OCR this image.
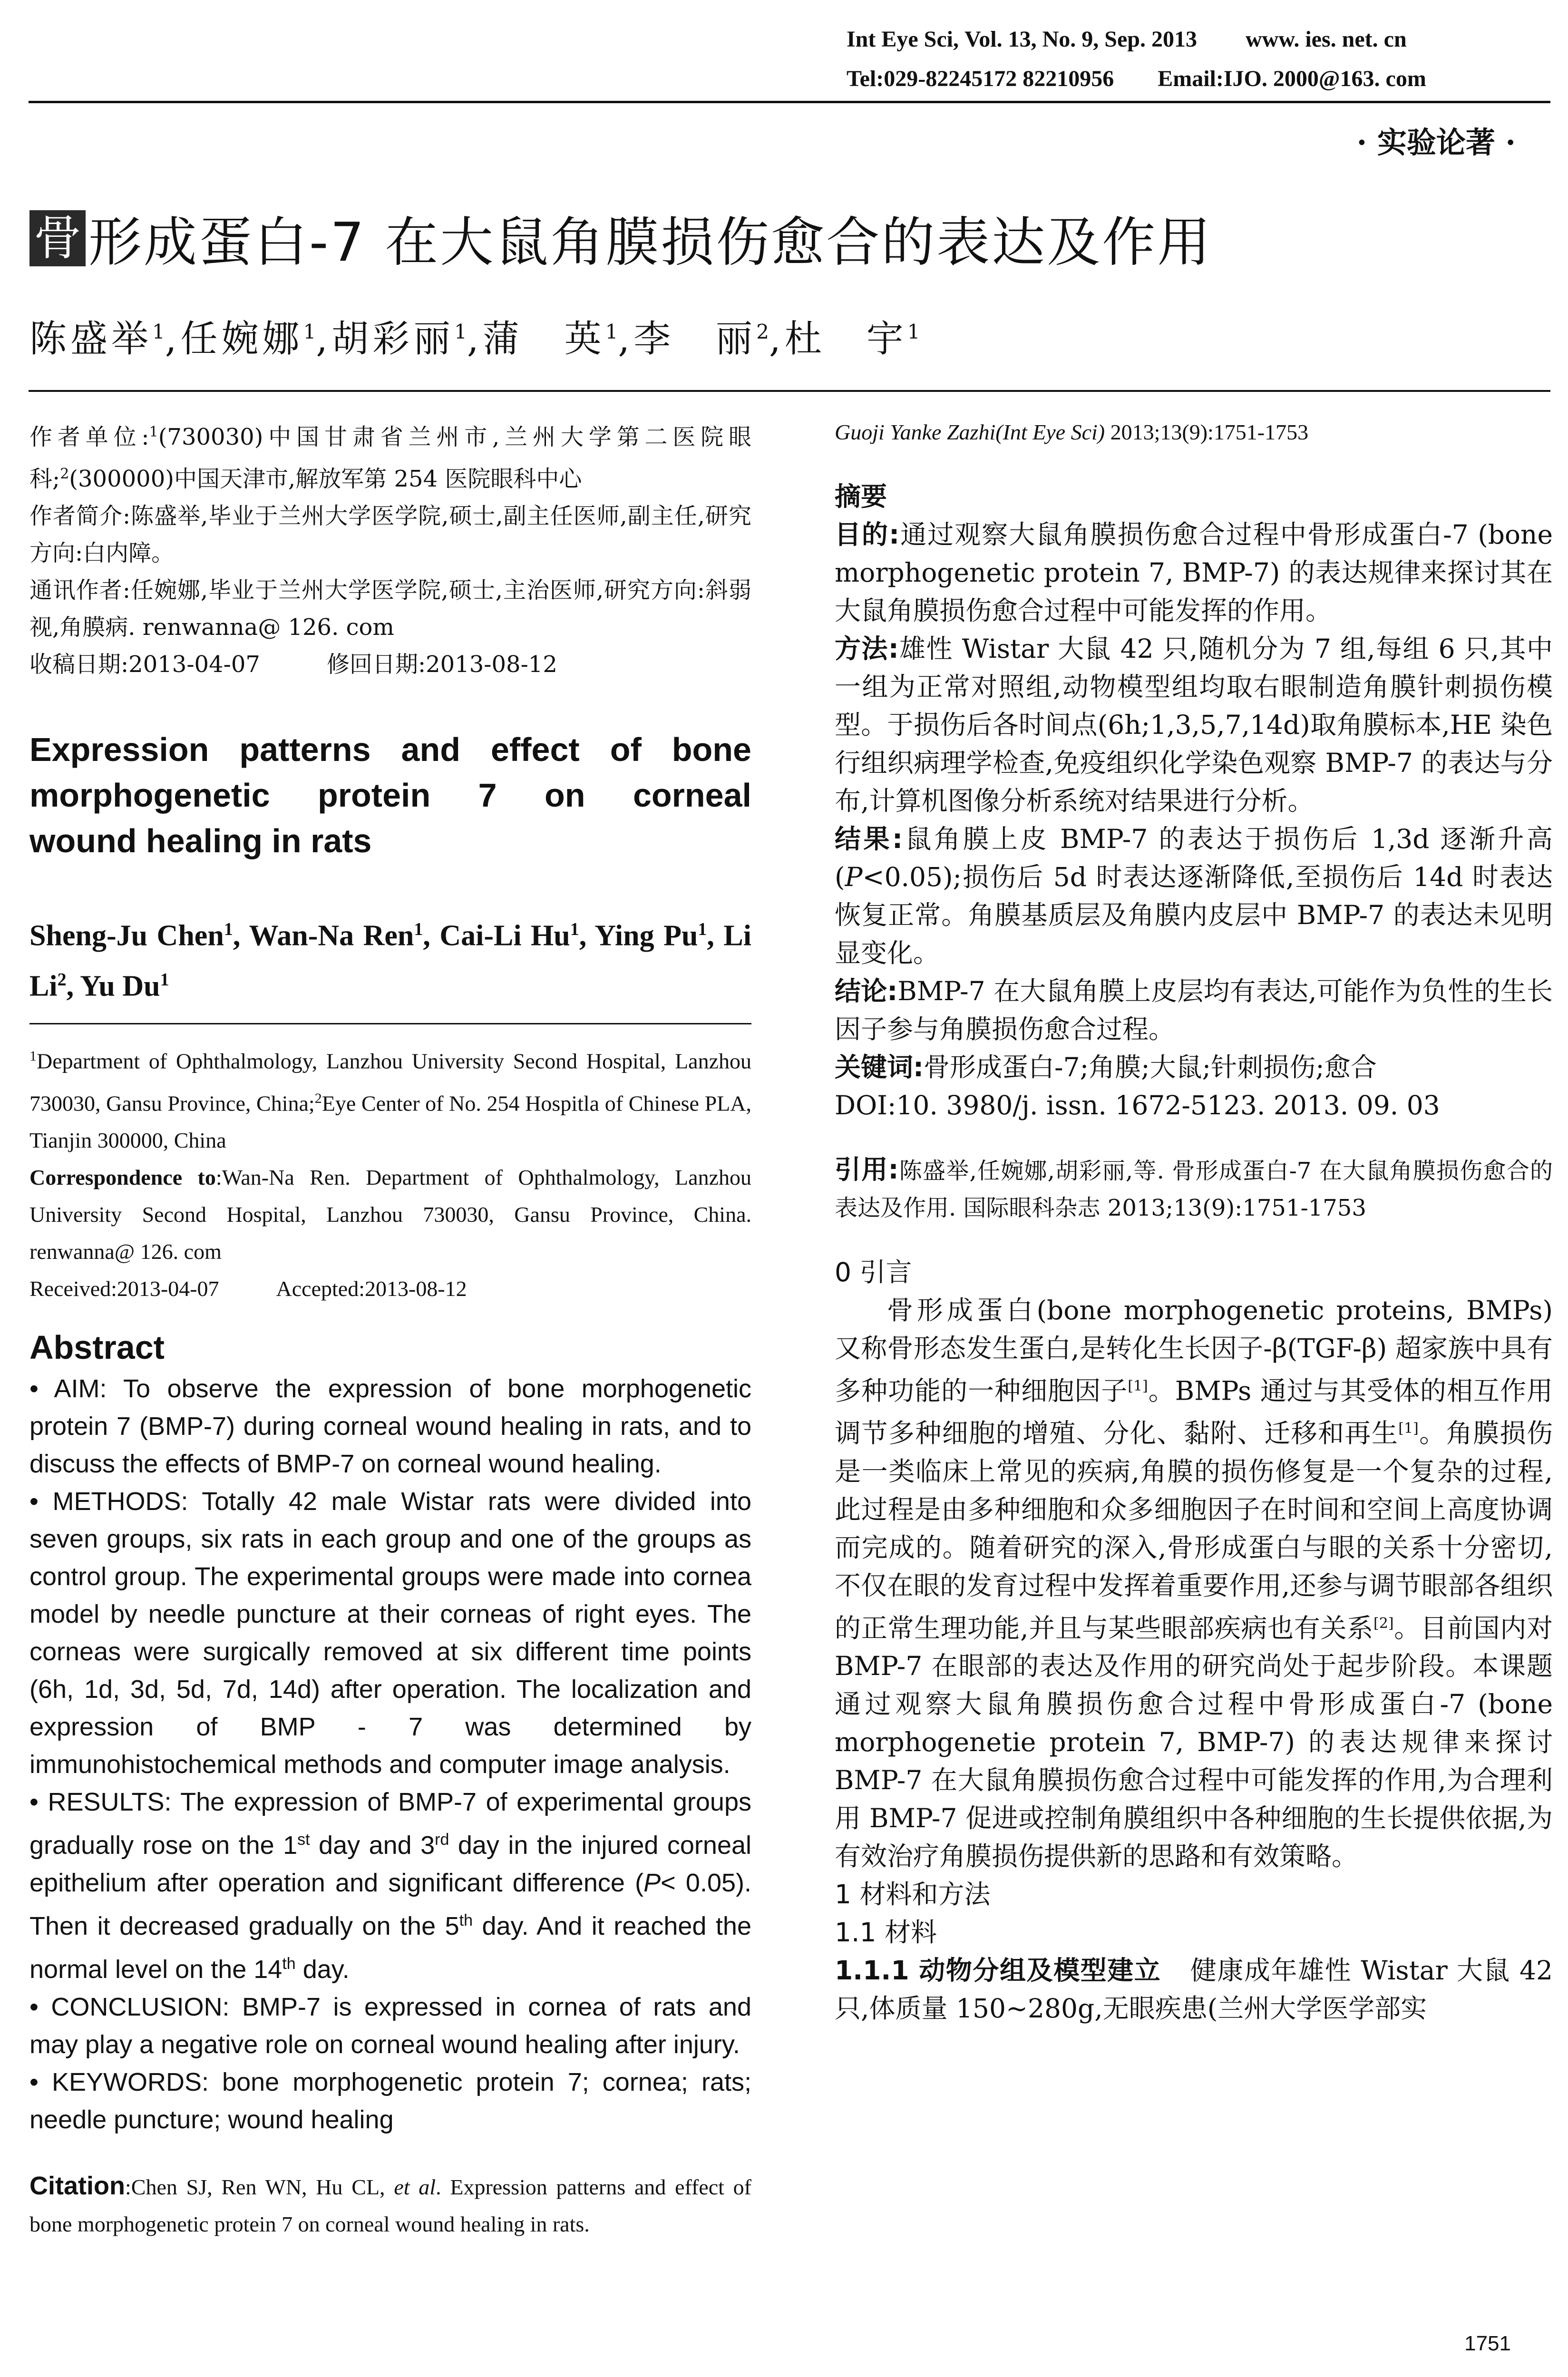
Int Eye Sci, Vol. 13, No. 9, Sep. 2013 www. ies. net. cn
Tel:029-82245172 82210956 Email:IJO. 2000@163. com
· 实验论著 ·
骨 形成蛋白-7 在大鼠角膜损伤愈合的表达及作用
陈盛举$^1$,任婉娜$^1$,胡彩丽$^1$,蒲　英$^1$,李　丽$^2$,杜　宇$^1$

作者单位:$^1$(730030)中国甘肃省兰州市,兰州大学第二医院眼科;$^2$(300000)中国天津市,解放军第 254 医院眼科中心

作者简介:陈盛举,毕业于兰州大学医学院,硕士,副主任医师,副主任,研究方向:白内障。

通讯作者:任婉娜,毕业于兰州大学医学院,硕士,主治医师,研究方向:斜弱视,角膜病. renwanna@ 126. com

收稿日期:2013-04-07	修回日期:2013-08-12

Expression patterns and effect of bone
morphogenetic protein 7 on corneal
wound healing in rats
Sheng-Ju Chen$^1$, Wan-Na Ren$^1$, Cai-Li Hu$^1$, Ying Pu$^1$, Li Li$^2$, Yu Du$^1$
$^1$Department of Ophthalmology, Lanzhou University Second Hospital, Lanzhou 730030, Gansu Province, China;$^2$Eye Center of No. 254 Hospitla of Chinese PLA, Tianjin 300000, China
Correspondence to:Wan-Na Ren. Department of Ophthalmology, Lanzhou University Second Hospital, Lanzhou 730030, Gansu Province, China. renwanna@ 126. com
Received:2013-04-07	Accepted:2013-08-12
Abstract

• AIM: To observe the expression of bone morphogenetic protein 7 (BMP-7) during corneal wound healing in rats, and to discuss the effects of BMP-7 on corneal wound healing.

• METHODS: Totally 42 male Wistar rats were divided into seven groups, six rats in each group and one of the groups as control group. The experimental groups were made into cornea model by needle puncture at their corneas of right eyes. The corneas were surgically removed at six different time points (6h, 1d, 3d, 5d, 7d, 14d) after operation. The localization and expression of BMP - 7 was determined by immunohistochemical methods and computer image analysis.

• RESULTS: The expression of BMP-7 of experimental groups gradually rose on the 1st day and 3rd day in the injured corneal epithelium after operation and significant difference (P< 0.05). Then it decreased gradually on the 5th day. And it reached the normal level on the 14th day.

• CONCLUSION: BMP-7 is expressed in cornea of rats and may play a negative role on corneal wound healing after injury.

• KEYWORDS: bone morphogenetic protein 7; cornea; rats; needle puncture; wound healing

Citation:Chen SJ, Ren WN, Hu CL, et al. Expression patterns and effect of bone morphogenetic protein 7 on corneal wound healing in rats.
Guoji Yanke Zazhi(Int Eye Sci) 2013;13(9):1751-1753

摘要

目的:通过观察大鼠角膜损伤愈合过程中骨形成蛋白-7 (bone morphogenetic protein 7, BMP-7) 的表达规律来探讨其在大鼠角膜损伤愈合过程中可能发挥的作用。

方法:雄性 Wistar 大鼠 42 只,随机分为 7 组,每组 6 只,其中一组为正常对照组,动物模型组均取右眼制造角膜针刺损伤模型。于损伤后各时间点(6h;1,3,5,7,14d)取角膜标本,HE 染色行组织病理学检查,免疫组织化学染色观察 BMP-7 的表达与分布,计算机图像分析系统对结果进行分析。

结果:鼠角膜上皮 BMP-7 的表达于损伤后 1,3d 逐渐升高(P<0.05);损伤后 5d 时表达逐渐降低,至损伤后 14d 时表达恢复正常。角膜基质层及角膜内皮层中 BMP-7 的表达未见明显变化。

结论:BMP-7 在大鼠角膜上皮层均有表达,可能作为负性的生长因子参与角膜损伤愈合过程。

关键词:骨形成蛋白-7;角膜;大鼠;针刺损伤;愈合

DOI:10. 3980/j. issn. 1672-5123. 2013. 09. 03

引用:陈盛举,任婉娜,胡彩丽,等. 骨形成蛋白-7 在大鼠角膜损伤愈合的表达及作用. 国际眼科杂志 2013;13(9):1751-1753

0 引言

骨形成蛋白(bone morphogenetic proteins, BMPs) 又称骨形态发生蛋白,是转化生长因子-β(TGF-β) 超家族中具有多种功能的一种细胞因子[1]。BMPs 通过与其受体的相互作用调节多种细胞的增殖、分化、黏附、迁移和再生[1]。角膜损伤是一类临床上常见的疾病,角膜的损伤修复是一个复杂的过程,此过程是由多种细胞和众多细胞因子在时间和空间上高度协调而完成的。随着研究的深入,骨形成蛋白与眼的关系十分密切,不仅在眼的发育过程中发挥着重要作用,还参与调节眼部各组织的正常生理功能,并且与某些眼部疾病也有关系[2]。目前国内对 BMP-7 在眼部的表达及作用的研究尚处于起步阶段。本课题通过观察大鼠角膜损伤愈合过程中骨形成蛋白-7 (bone morphogenetie protein 7, BMP-7) 的表达规律来探讨 BMP-7 在大鼠角膜损伤愈合过程中可能发挥的作用,为合理利用 BMP-7 促进或控制角膜组织中各种细胞的生长提供依据,为有效治疗角膜损伤提供新的思路和有效策略。

1 材料和方法

1.1 材料

1.1.1 动物分组及模型建立 健康成年雄性 Wistar 大鼠 42 只,体质量 150~280g,无眼疾患(兰州大学医学部实

1751
